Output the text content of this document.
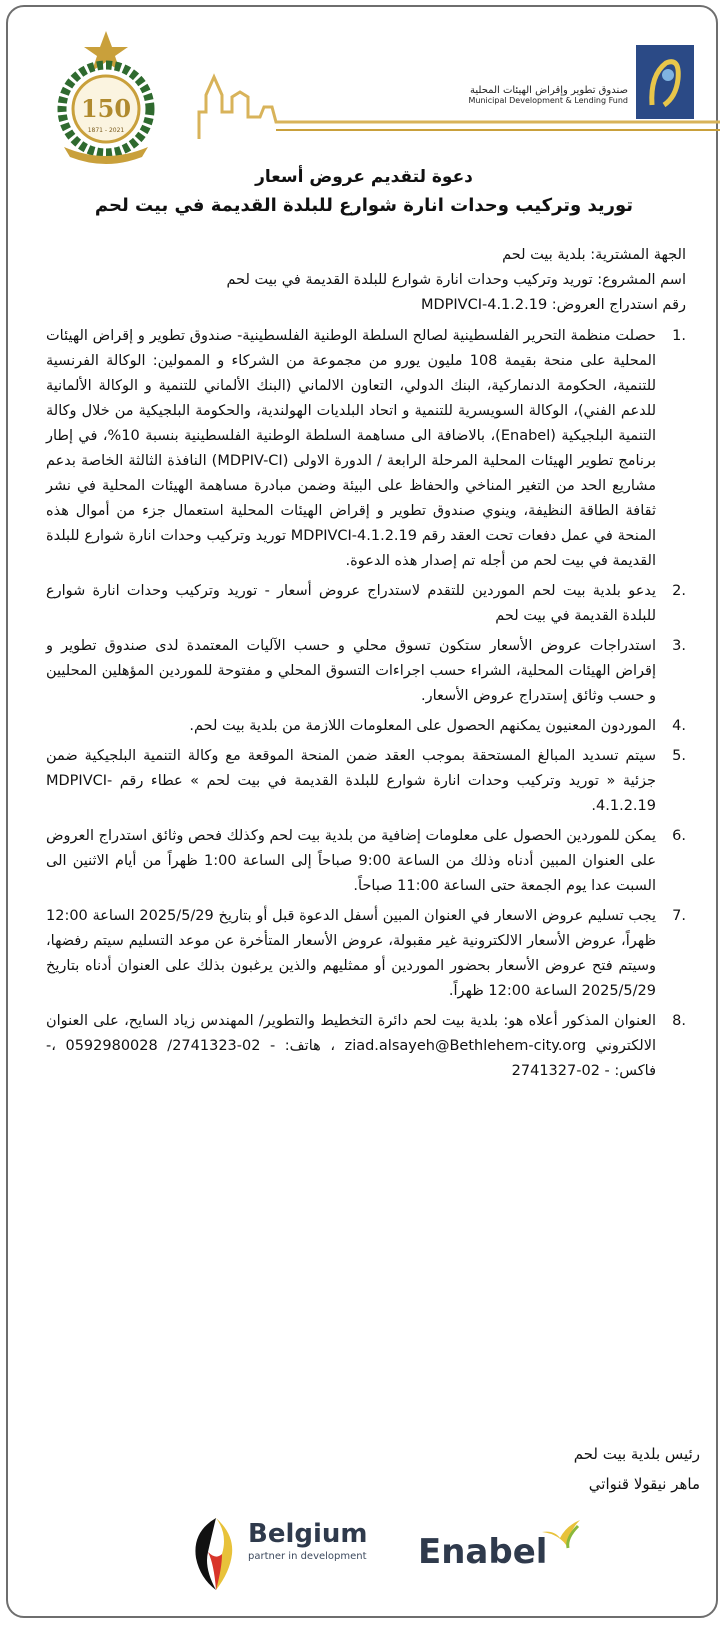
150
1871 - 2021
صندوق تطوير وإقراض الهيئات المحلية
Municipal Development & Lending Fund
دعوة لتقديم عروض أسعار
توريد وتركيب وحدات انارة شوارع للبلدة القديمة في بيت لحم

الجهة المشترية: بلدية بيت لحم

اسم المشروع: توريد وتركيب وحدات انارة شوارع للبلدة القديمة في بيت لحم

رقم استدراج العروض: MDPIVCI-4.1.2.19

.1
حصلت منظمة التحرير الفلسطينية لصالح السلطة الوطنية الفلسطينية- صندوق تطوير و إقراض الهيئات المحلية على منحة بقيمة 108 مليون يورو من مجموعة من الشركاء و الممولين: الوكالة الفرنسية للتنمية، الحكومة الدنماركية، البنك الدولي، التعاون الالماني (البنك الألماني للتنمية و الوكالة الألمانية للدعم الفني)، الوكالة السويسرية للتنمية و اتحاد البلديات الهولندية، والحكومة البلجيكية من خلال وكالة التنمية البلجيكية (Enabel)، بالاضافة الى مساهمة السلطة الوطنية الفلسطينية بنسبة 10%، في إطار برنامج تطوير الهيئات المحلية المرحلة الرابعة / الدورة الاولى (MDPIV-CI) النافذة الثالثة الخاصة بدعم مشاريع الحد من التغير المناخي والحفاظ على البيئة وضمن مبادرة مساهمة الهيئات المحلية في نشر ثقافة الطاقة النظيفة، وينوي صندوق تطوير و إقراض الهيئات المحلية استعمال جزء من أموال هذه المنحة في عمل دفعات تحت العقد رقم MDPIVCI-4.1.2.19 توريد وتركيب وحدات انارة شوارع للبلدة القديمة في بيت لحم من أجله تم إصدار هذه الدعوة.
.2
يدعو بلدية بيت لحم الموردين للتقدم لاستدراج عروض أسعار - توريد وتركيب وحدات انارة شوارع للبلدة القديمة في بيت لحم
.3
استدراجات عروض الأسعار ستكون تسوق محلي و حسب الآليات المعتمدة لدى صندوق تطوير و إقراض الهيئات المحلية، الشراء حسب اجراءات التسوق المحلي و مفتوحة للموردين المؤهلين المحليين و حسب وثائق إستدراج عروض الأسعار.
.4
الموردون المعنيون يمكنهم الحصول على المعلومات اللازمة من بلدية بيت لحم.
.5
سيتم تسديد المبالغ المستحقة بموجب العقد ضمن المنحة الموقعة مع وكالة التنمية البلجيكية ضمن جزئية « توريد وتركيب وحدات انارة شوارع للبلدة القديمة في بيت لحم » عطاء رقم MDPIVCI-4.1.2.19.
.6
يمكن للموردين الحصول على معلومات إضافية من بلدية بيت لحم وكذلك فحص وثائق استدراج العروض على العنوان المبين أدناه وذلك من الساعة 9:00 صباحاً إلى الساعة 1:00 ظهراً من أيام الاثنين الى السبت عدا يوم الجمعة حتى الساعة 11:00 صباحاً.
.7
يجب تسليم عروض الاسعار في العنوان المبين أسفل الدعوة قبل أو بتاريخ 2025/5/29 الساعة 12:00 ظهراً، عروض الأسعار الالكترونية غير مقبولة، عروض الأسعار المتأخرة عن موعد التسليم سيتم رفضها، وسيتم فتح عروض الأسعار بحضور الموردين أو ممثليهم والذين يرغبون بذلك على العنوان أدناه بتاريخ 2025/5/29 الساعة 12:00 ظهراً.
.8
العنوان المذكور أعلاه هو: بلدية بيت لحم دائرة التخطيط والتطوير/ المهندس زياد السايح، على العنوان الالكتروني ziad.alsayeh@Bethlehem-city.org ، هاتف: - 02-2741323/ 0592980028 ،- فاكس: - 02-2741327
رئيس بلدية بيت لحم
ماهر نيقولا قنواتي
Belgium
partner in development	Enabel
